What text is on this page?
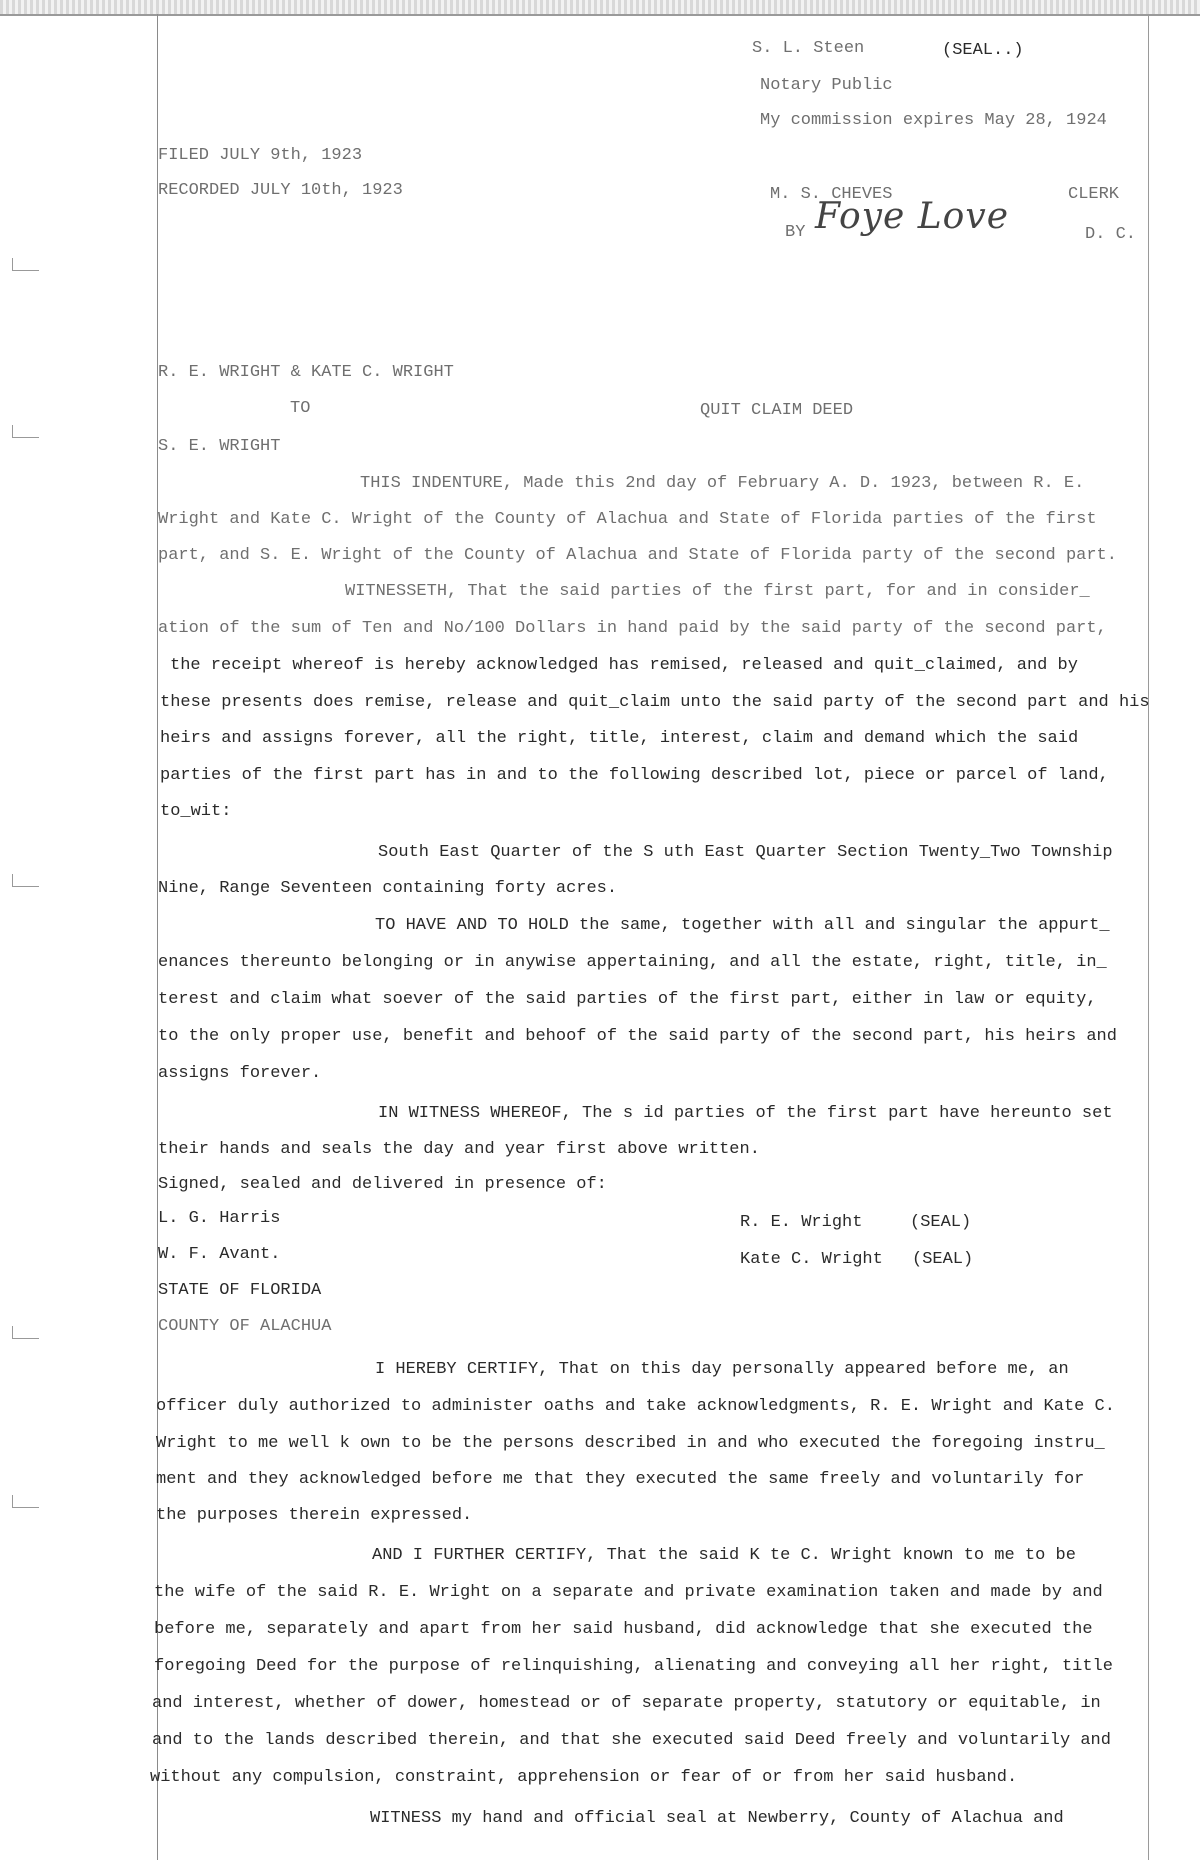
S. L. Steen	(SEAL..)
Notary Public
My commission expires May 28, 1924
FILED JULY 9th, 1923
RECORDED JULY 10th, 1923	M. S. CHEVES	CLERK
BY Foye Love	D. C.
R. E. WRIGHT & KATE C. WRIGHT
TO	QUIT CLAIM DEED
S. E. WRIGHT
THIS INDENTURE, Made this 2nd day of February A. D. 1923, between R. E.
Wright and Kate C. Wright of the County of Alachua and State of Florida parties of the first
part, and S. E. Wright of the County of Alachua and State of Florida party of the second part.
WITNESSETH, That the said parties of the first part, for and in consider_
ation of the sum of Ten and No/100 Dollars in hand paid by the said party of the second part,
the receipt whereof is hereby acknowledged has remised, released and quit_claimed, and by
these presents does remise, release and quit_claim unto the said party of the second part and his
heirs and assigns forever, all the right, title, interest, claim and demand which the said
parties of the first part has in and to the following described lot, piece or parcel of land,
to_wit:
South East Quarter of the S uth East Quarter Section Twenty_Two Township
Nine, Range Seventeen containing forty acres.
TO HAVE AND TO HOLD the same, together with all and singular the appurt_
enances thereunto belonging or in anywise appertaining, and all the estate, right, title, in_
terest and claim what soever of the said parties of the first part, either in law or equity,
to the only proper use, benefit and behoof of the said party of the second part, his heirs and
assigns forever.
IN WITNESS WHEREOF, The s id parties of the first part have hereunto set
their hands and seals the day and year first above written.
Signed, sealed and delivered in presence of:
L. G. Harris	R. E. Wright	(SEAL)
W. F. Avant.	Kate C. Wright (SEAL)
STATE OF FLORIDA
COUNTY OF ALACHUA
I HEREBY CERTIFY, That on this day personally appeared before me, an
officer duly authorized to administer oaths and take acknowledgments, R. E. Wright and Kate C.
Wright to me well k own to be the persons described in and who executed the foregoing instru_
ment and they acknowledged before me that they executed the same freely and voluntarily for
the purposes therein expressed.
AND I FURTHER CERTIFY, That the said K te C. Wright known to me to be
the wife of the said R. E. Wright on a separate and private examination taken and made by and
before me, separately and apart from her said husband, did acknowledge that she executed the
foregoing Deed for the purpose of relinquishing, alienating and conveying all her right, title
and interest, whether of dower, homestead or of separate property, statutory or equitable, in
and to the lands described therein, and that she executed said Deed freely and voluntarily and
without any compulsion, constraint, apprehension or fear of or from her said husband.
WITNESS my hand and official seal at Newberry, County of Alachua and
